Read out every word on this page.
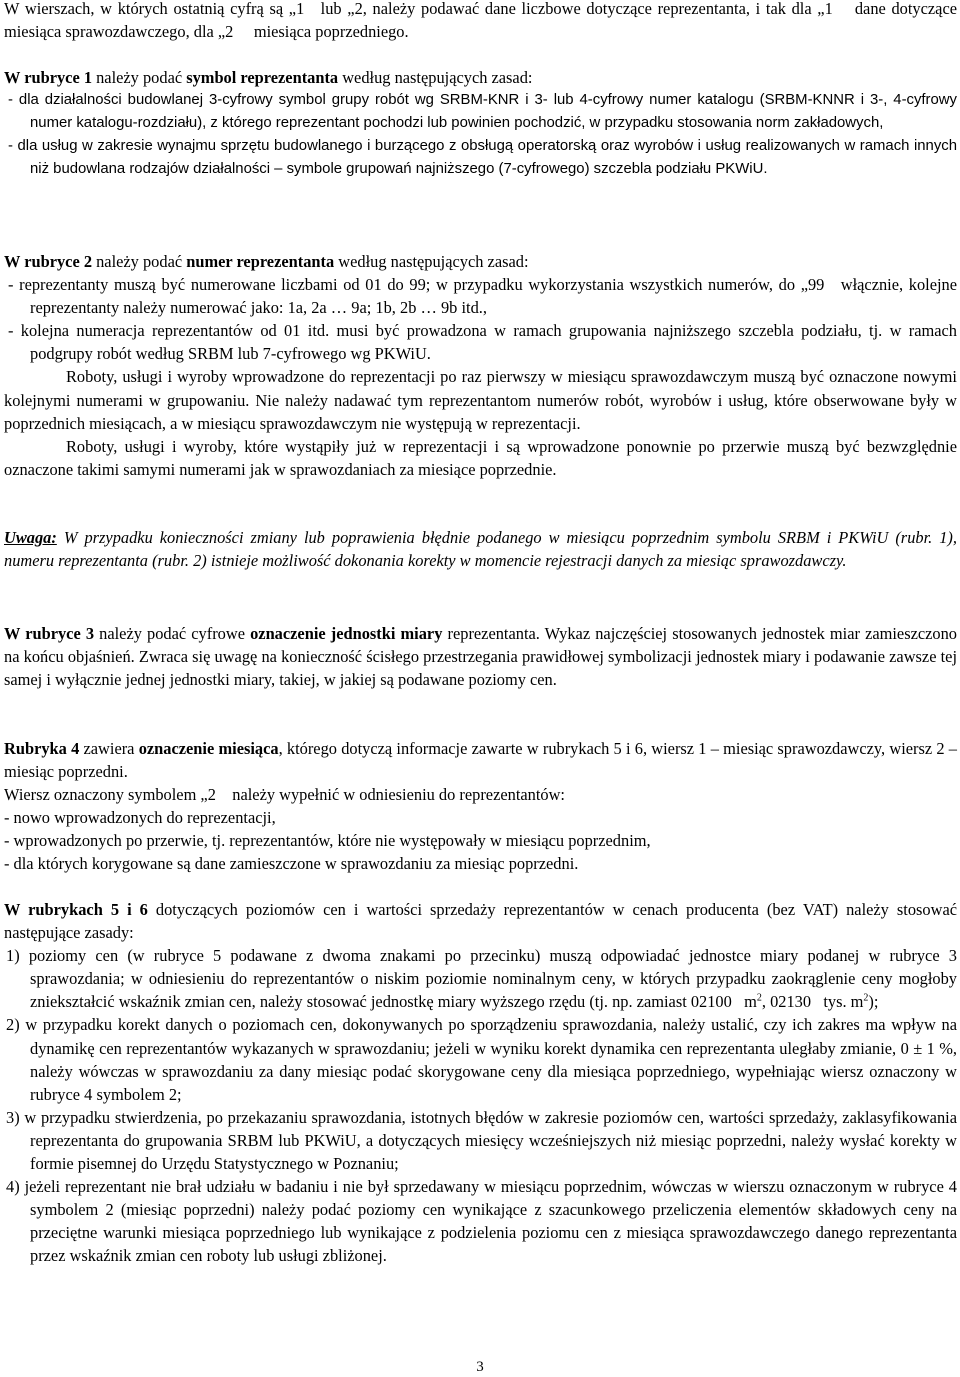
W wierszach, w których ostatnią cyfrą są „1 lub „2, należy podawać dane liczbowe dotyczące reprezentanta, i tak dla „1  dane dotyczące miesiąca sprawozdawczego, dla „2  miesiąca poprzedniego.

W rubryce 1 należy podać symbol reprezentanta według następujących zasad:
- dla działalności budowlanej 3-cyfrowy symbol grupy robót wg SRBM-KNR i 3- lub 4-cyfrowy numer katalogu (SRBM-KNNR i 3-, 4-cyfrowy numer katalogu-rozdziału), z którego reprezentant pochodzi lub powinien pochodzić, w przypadku stosowania norm zakładowych,
- dla usług w zakresie wynajmu sprzętu budowlanego i burzącego z obsługą operatorską oraz wyrobów i usług realizowanych w ramach innych niż budowlana rodzajów działalności – symbole grupowań najniższego (7-cyfrowego) szczebla podziału PKWiU.

W rubryce 2 należy podać numer reprezentanta według następujących zasad:
- reprezentanty muszą być numerowane liczbami od 01 do 99; w przypadku wykorzystania wszystkich numerów, do „99 włącznie, kolejne reprezentanty należy numerować jako: 1a, 2a … 9a; 1b, 2b … 9b itd.,
- kolejna numeracja reprezentantów od 01 itd. musi być prowadzona w ramach grupowania najniższego szczebla podziału, tj. w ramach podgrupy robót według SRBM lub 7-cyfrowego wg PKWiU.
Roboty, usługi i wyroby wprowadzone do reprezentacji po raz pierwszy w miesiącu sprawozdawczym muszą być oznaczone nowymi kolejnymi numerami w grupowaniu. Nie należy nadawać tym reprezentantom numerów robót, wyrobów i usług, które obserwowane były w poprzednich miesiącach, a w miesiącu sprawozdawczym nie występują w reprezentacji.
Roboty, usługi i wyroby, które wystąpiły już w reprezentacji i są wprowadzone ponownie po przerwie muszą być bezwzględnie oznaczone takimi samymi numerami jak w sprawozdaniach za miesiące poprzednie.

Uwaga: W przypadku konieczności zmiany lub poprawienia błędnie podanego w miesiącu poprzednim symbolu SRBM i PKWiU (rubr. 1), numeru reprezentanta (rubr. 2) istnieje możliwość dokonania korekty w momencie rejestracji danych za miesiąc sprawozdawczy.

W rubryce 3 należy podać cyfrowe oznaczenie jednostki miary reprezentanta. Wykaz najczęściej stosowanych jednostek miar zamieszczono na końcu objaśnień. Zwraca się uwagę na konieczność ścisłego przestrzegania prawidłowej symbolizacji jednostek miary i podawanie zawsze tej samej i wyłącznie jednej jednostki miary, takiej, w jakiej są podawane poziomy cen.

Rubryka 4 zawiera oznaczenie miesiąca, którego dotyczą informacje zawarte w rubrykach 5 i 6, wiersz 1 – miesiąc sprawozdawczy, wiersz 2 – miesiąc poprzedni.
Wiersz oznaczony symbolem „2 należy wypełnić w odniesieniu do reprezentantów:
- nowo wprowadzonych do reprezentacji,
- wprowadzonych po przerwie, tj. reprezentantów, które nie występowały w miesiącu poprzednim,
- dla których korygowane są dane zamieszczone w sprawozdaniu za miesiąc poprzedni.

W rubrykach 5 i 6 dotyczących poziomów cen i wartości sprzedaży reprezentantów w cenach producenta (bez VAT) należy stosować następujące zasady:
1) poziomy cen (w rubryce 5 podawane z dwoma znakami po przecinku) muszą odpowiadać jednostce miary podanej w rubryce 3 sprawozdania; w odniesieniu do reprezentantów o niskim poziomie nominalnym ceny, w których przypadku zaokrąglenie ceny mogłoby zniekształcić wskaźnik zmian cen, należy stosować jednostkę miary wyższego rzędu (tj. np. zamiast 02100  $m^2$, 02130  tys. $m^2$);
2) w przypadku korekt danych o poziomach cen, dokonywanych po sporządzeniu sprawozdania, należy ustalić, czy ich zakres ma wpływ na dynamikę cen reprezentantów wykazanych w sprawozdaniu; jeżeli w wyniku korekt dynamika cen reprezentanta uległaby zmianie, 0 ± 1 %, należy wówczas w sprawozdaniu za dany miesiąc podać skorygowane ceny dla miesiąca poprzedniego, wypełniając wiersz oznaczony w rubryce 4 symbolem 2;
3) w przypadku stwierdzenia, po przekazaniu sprawozdania, istotnych błędów w zakresie poziomów cen, wartości sprzedaży, zaklasyfikowania reprezentanta do grupowania SRBM lub PKWiU, a dotyczących miesięcy wcześniejszych niż miesiąc poprzedni, należy wysłać korekty w formie pisemnej do Urzędu Statystycznego w Poznaniu;
4) jeżeli reprezentant nie brał udziału w badaniu i nie był sprzedawany w miesiącu poprzednim, wówczas w wierszu oznaczonym w rubryce 4 symbolem 2 (miesiąc poprzedni) należy podać poziomy cen wynikające z szacunkowego przeliczenia elementów składowych ceny na przeciętne warunki miesiąca poprzedniego lub wynikające z podzielenia poziomu cen z miesiąca sprawozdawczego danego reprezentanta przez wskaźnik zmian cen roboty lub usługi zbliżonej.

3
